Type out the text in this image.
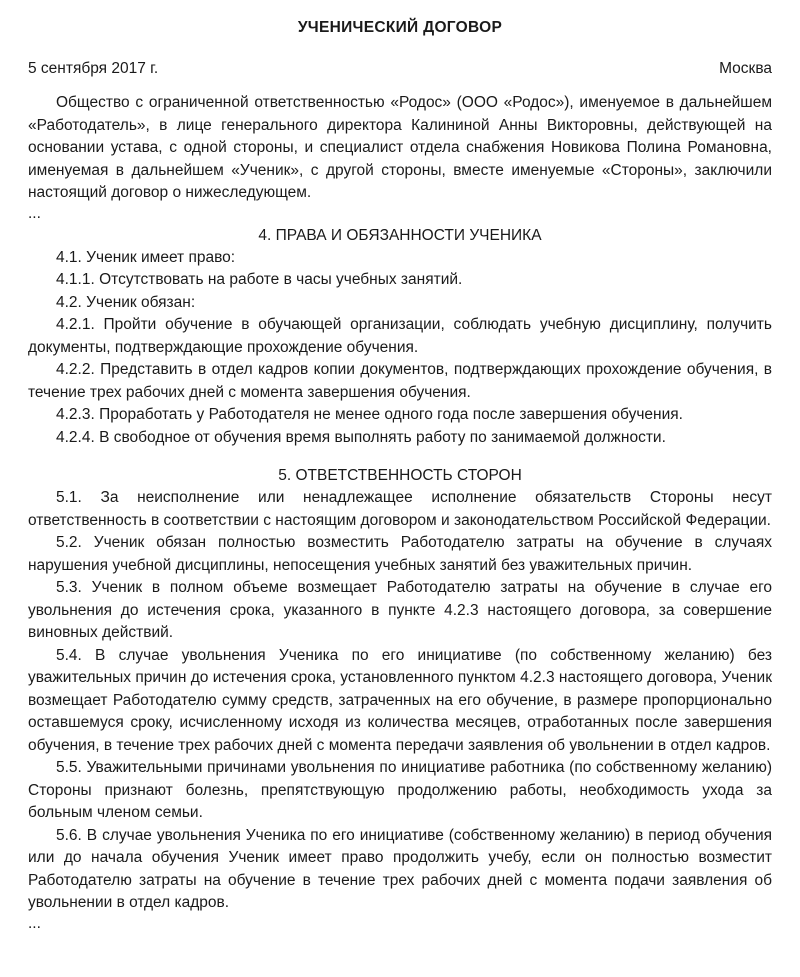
УЧЕНИЧЕСКИЙ ДОГОВОР
5 сентября 2017 г.	Москва

Общество с ограниченной ответственностью «Родос» (ООО «Родос»), именуемое в дальнейшем «Работодатель», в лице генерального директора Калининой Анны Викторовны, действующей на основании устава, с одной стороны, и специалист отдела снабжения Новикова Полина Романовна, именуемая в дальнейшем «Ученик», с другой стороны, вместе именуемые «Стороны», заключили настоящий договор о нижеследующем.

...

4. ПРАВА И ОБЯЗАННОСТИ УЧЕНИКА

4.1. Ученик имеет право:

4.1.1. Отсутствовать на работе в часы учебных занятий.

4.2. Ученик обязан:

4.2.1. Пройти обучение в обучающей организации, соблюдать учебную дисциплину, получить документы, подтверждающие прохождение обучения.

4.2.2. Представить в отдел кадров копии документов, подтверждающих прохождение обучения, в течение трех рабочих дней с момента завершения обучения.

4.2.3. Проработать у Работодателя не менее одного года после завершения обучения.

4.2.4. В свободное от обучения время выполнять работу по занимаемой должности.

5. ОТВЕТСТВЕННОСТЬ СТОРОН

5.1. За неисполнение или ненадлежащее исполнение обязательств Стороны несут ответственность в соответствии с настоящим договором и законодательством Российской Федерации.

5.2. Ученик обязан полностью возместить Работодателю затраты на обучение в случаях нарушения учебной дисциплины, непосещения учебных занятий без уважительных причин.

5.3. Ученик в полном объеме возмещает Работодателю затраты на обучение в случае его увольнения до истечения срока, указанного в пункте 4.2.3 настоящего договора, за совершение виновных действий.

5.4. В случае увольнения Ученика по его инициативе (по собственному желанию) без уважительных причин до истечения срока, установленного пунктом 4.2.3 настоящего договора, Ученик возмещает Работодателю сумму средств, затраченных на его обучение, в размере пропорционально оставшемуся сроку, исчисленному исходя из количества месяцев, отработанных после завершения обучения, в течение трех рабочих дней с момента передачи заявления об увольнении в отдел кадров.

5.5. Уважительными причинами увольнения по инициативе работника (по собственному желанию) Стороны признают болезнь, препятствующую продолжению работы, необходимость ухода за больным членом семьи.

5.6. В случае увольнения Ученика по его инициативе (собственному желанию) в период обучения или до начала обучения Ученик имеет право продолжить учебу, если он полностью возместит Работодателю затраты на обучение в течение трех рабочих дней с момента подачи заявления об увольнении в отдел кадров.

...
